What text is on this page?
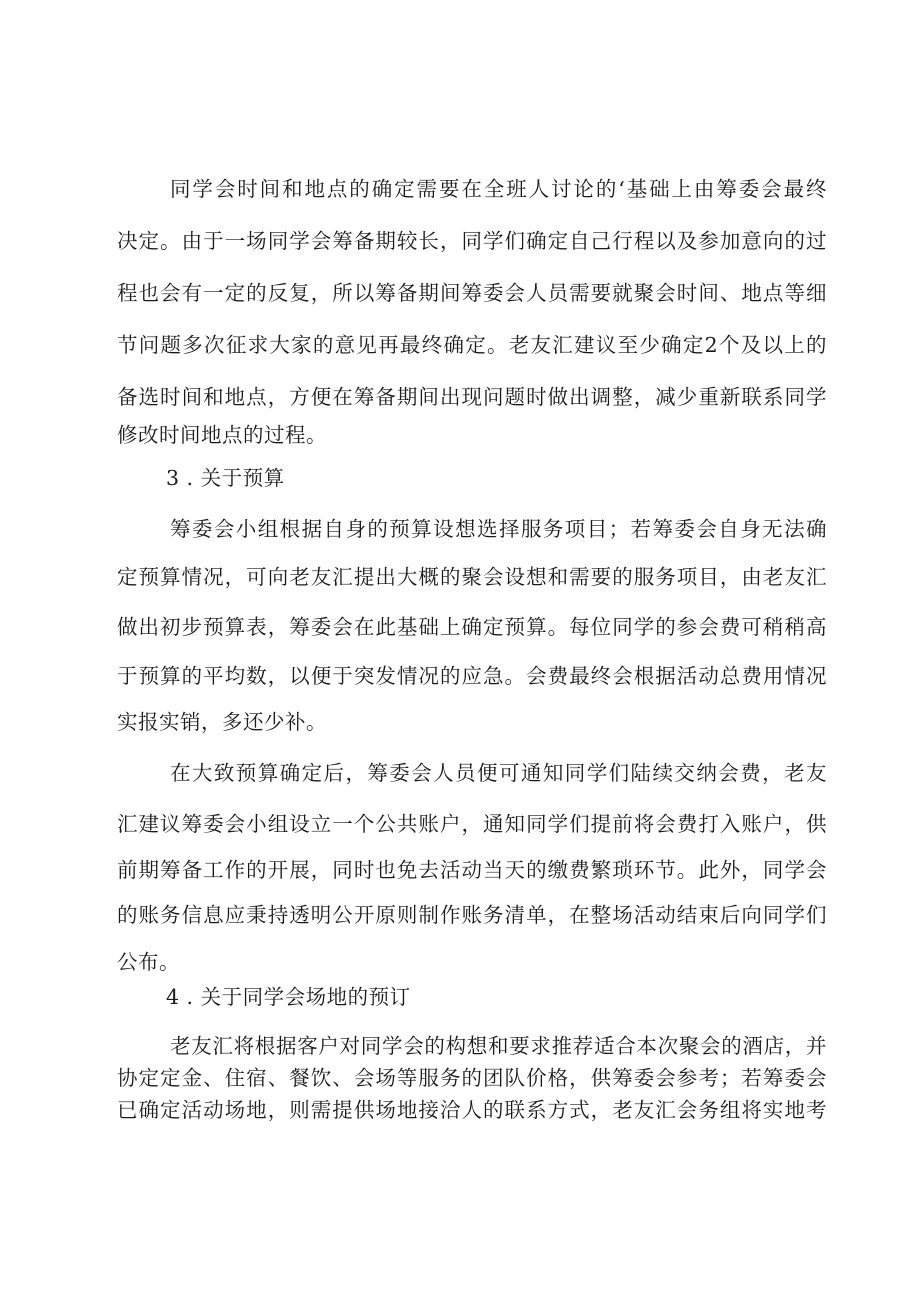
同学会时间和地点的确定需要在全班人讨论的‘基础上由筹委会最终
决定。由于一场同学会筹备期较长，同学们确定自己行程以及参加意向的过
程也会有一定的反复，所以筹备期间筹委会人员需要就聚会时间、地点等细
节问题多次征求大家的意见再最终确定。老友汇建议至少确定2个及以上的
备选时间和地点，方便在筹备期间出现问题时做出调整，减少重新联系同学
修改时间地点的过程。
3 . 关于预算
筹委会小组根据自身的预算设想选择服务项目；若筹委会自身无法确
定预算情况，可向老友汇提出大概的聚会设想和需要的服务项目，由老友汇
做出初步预算表，筹委会在此基础上确定预算。每位同学的参会费可稍稍高
于预算的平均数，以便于突发情况的应急。会费最终会根据活动总费用情况
实报实销，多还少补。
在大致预算确定后，筹委会人员便可通知同学们陆续交纳会费，老友
汇建议筹委会小组设立一个公共账户，通知同学们提前将会费打入账户，供
前期筹备工作的开展，同时也免去活动当天的缴费繁琐环节。此外，同学会
的账务信息应秉持透明公开原则制作账务清单，在整场活动结束后向同学们
公布。
4 . 关于同学会场地的预订
老友汇将根据客户对同学会的构想和要求推荐适合本次聚会的酒店，并
协定定金、住宿、餐饮、会场等服务的团队价格，供筹委会参考；若筹委会
已确定活动场地，则需提供场地接洽人的联系方式，老友汇会务组将实地考
